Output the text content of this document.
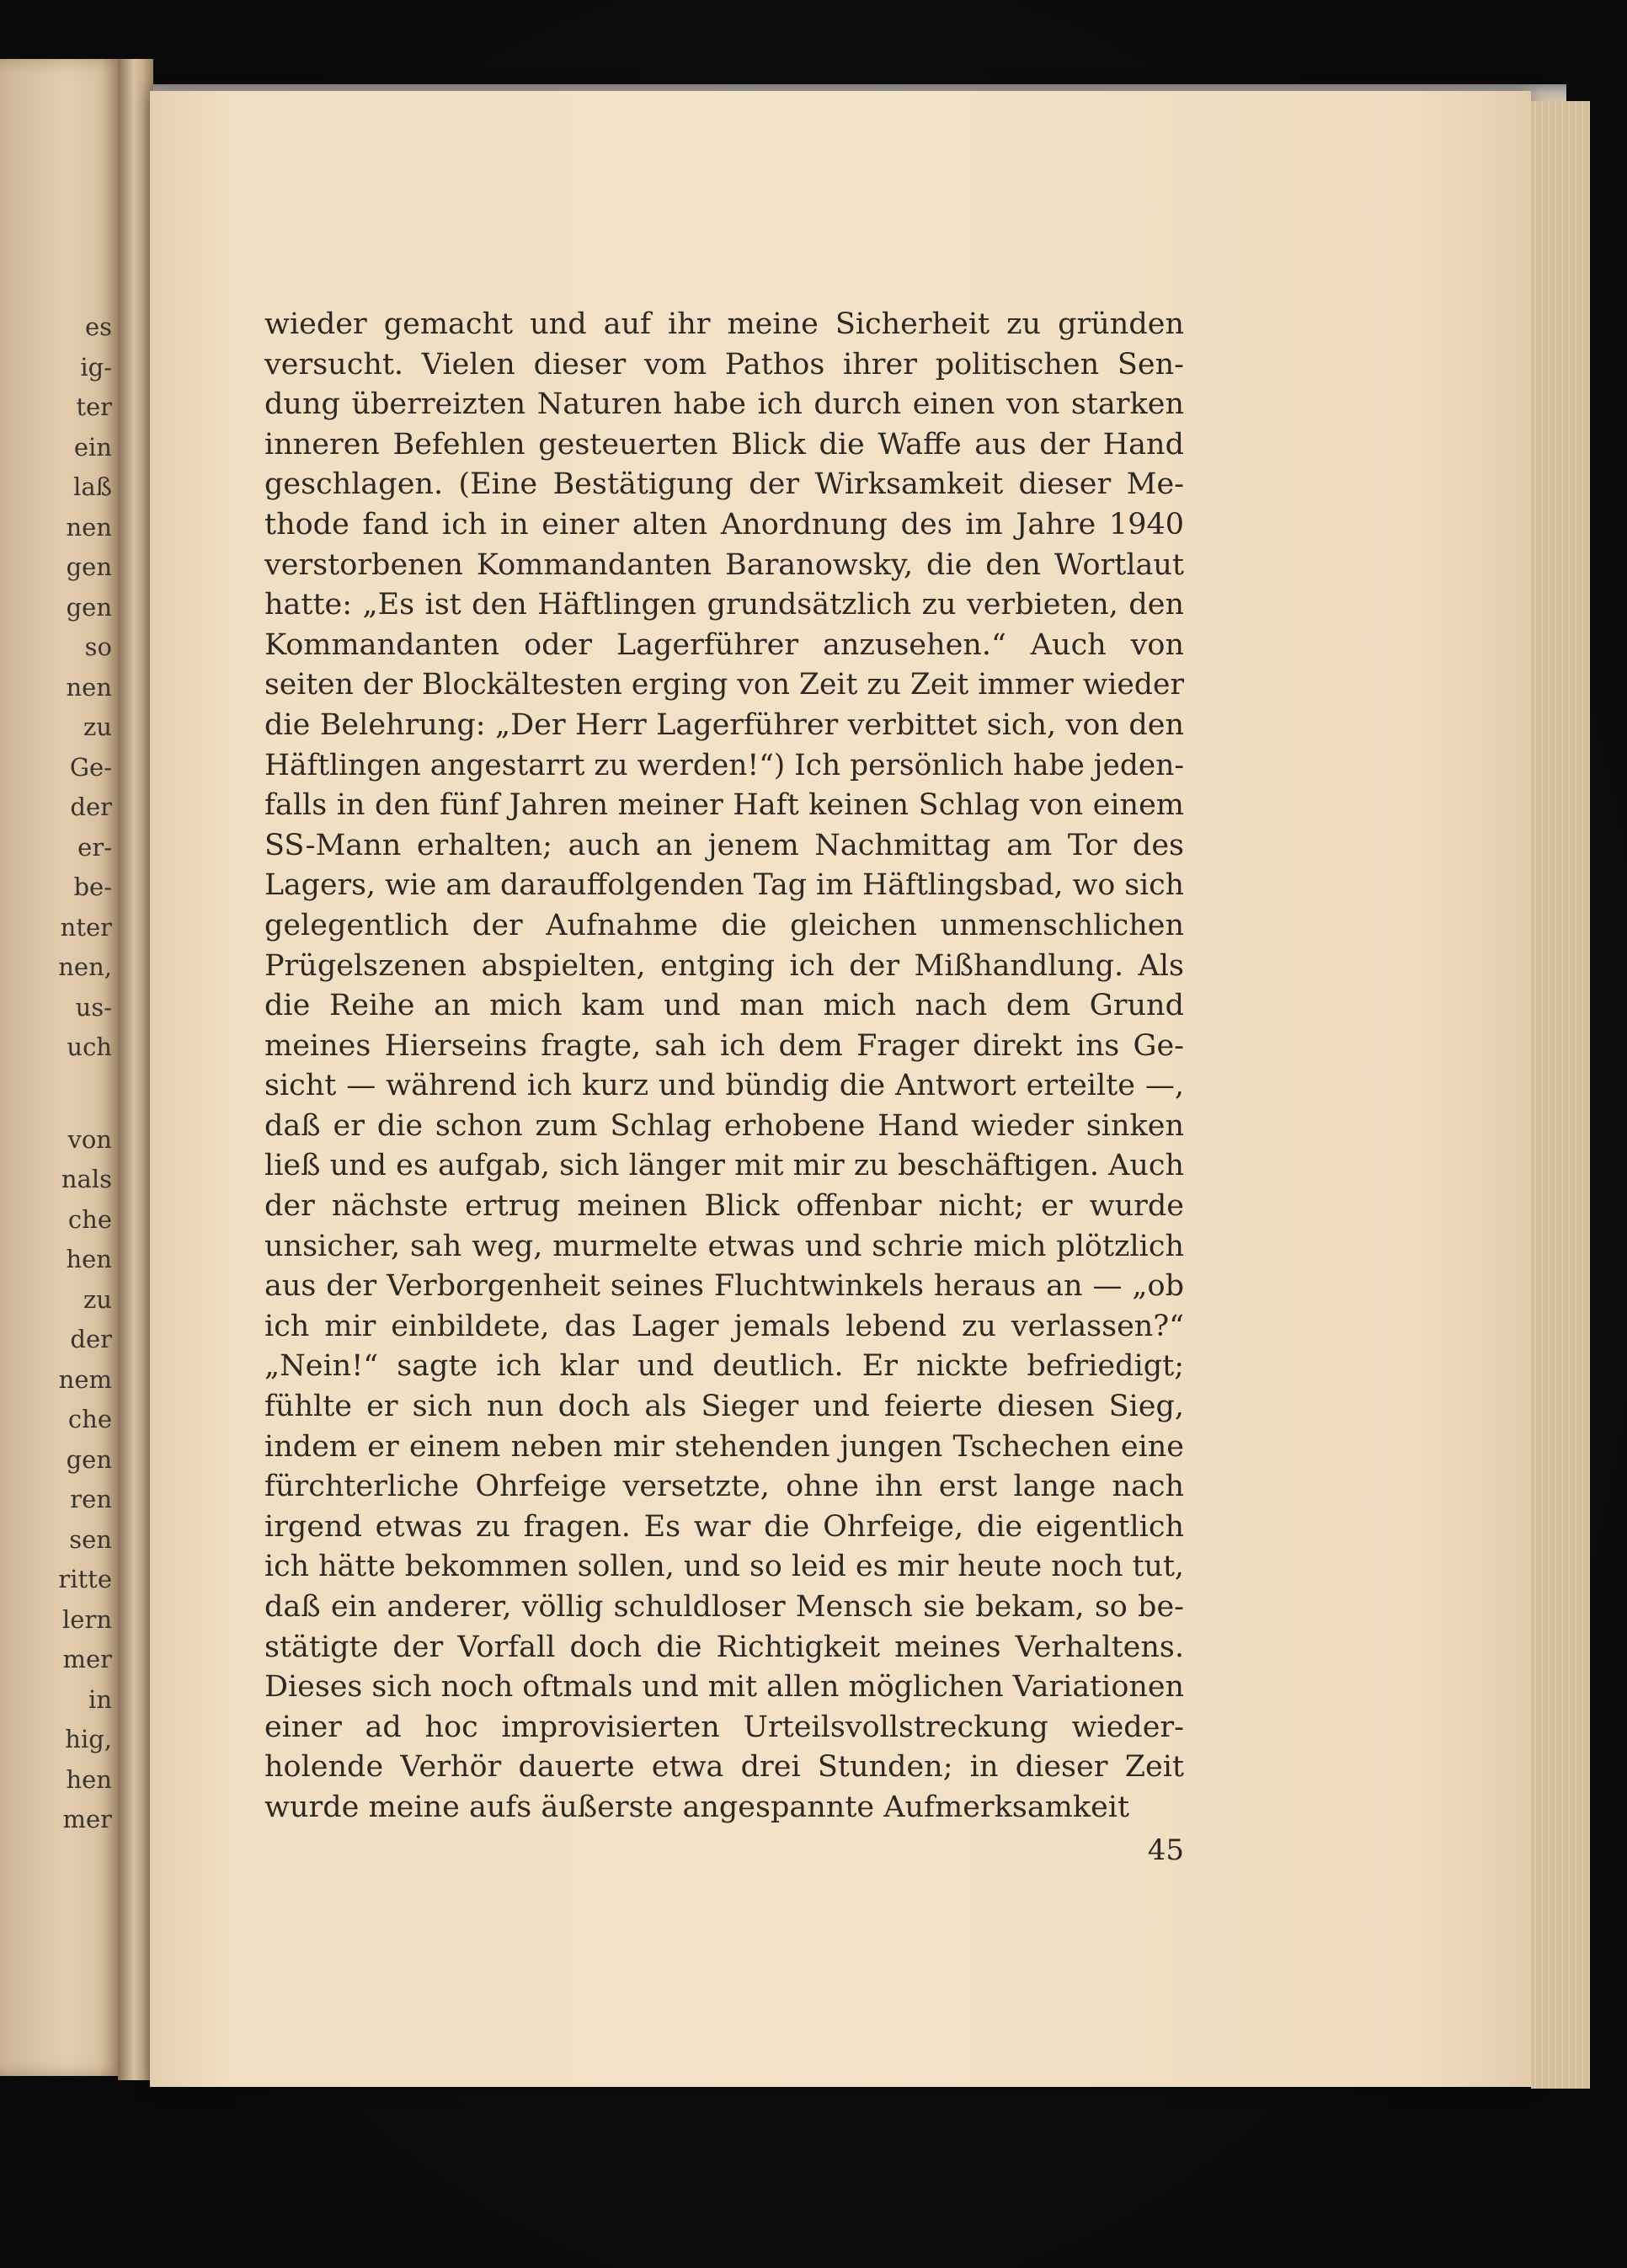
es
ig-
ter
ein
laß
nen
gen
gen
so
nen
zu
Ge-
der
er-
be-
nter
nen,
us-
uch
von
nals
che
hen
zu
der
nem
che
gen
ren
sen
ritte
lern
mer
in
hig,
hen
mer
wieder gemacht und auf ihr meine Sicherheit zu gründen
versucht. Vielen dieser vom Pathos ihrer politischen Sen-
dung überreizten Naturen habe ich durch einen von starken
inneren Befehlen gesteuerten Blick die Waffe aus der Hand
geschlagen. (Eine Bestätigung der Wirksamkeit dieser Me-
thode fand ich in einer alten Anordnung des im Jahre 1940
verstorbenen Kommandanten Baranowsky, die den Wortlaut
hatte: „Es ist den Häftlingen grundsätzlich zu verbieten, den
Kommandanten oder Lagerführer anzusehen.“ Auch von
seiten der Blockältesten erging von Zeit zu Zeit immer wieder
die Belehrung: „Der Herr Lagerführer verbittet sich, von den
Häftlingen angestarrt zu werden!“) Ich persönlich habe jeden-
falls in den fünf Jahren meiner Haft keinen Schlag von einem
SS-Mann erhalten; auch an jenem Nachmittag am Tor des
Lagers, wie am darauffolgenden Tag im Häftlingsbad, wo sich
gelegentlich der Aufnahme die gleichen unmenschlichen
Prügelszenen abspielten, entging ich der Mißhandlung. Als
die Reihe an mich kam und man mich nach dem Grund
meines Hierseins fragte, sah ich dem Frager direkt ins Ge-
sicht — während ich kurz und bündig die Antwort erteilte —,
daß er die schon zum Schlag erhobene Hand wieder sinken
ließ und es aufgab, sich länger mit mir zu beschäftigen. Auch
der nächste ertrug meinen Blick offenbar nicht; er wurde
unsicher, sah weg, murmelte etwas und schrie mich plötzlich
aus der Verborgenheit seines Fluchtwinkels heraus an — „ob
ich mir einbildete, das Lager jemals lebend zu verlassen?“
„Nein!“ sagte ich klar und deutlich. Er nickte befriedigt;
fühlte er sich nun doch als Sieger und feierte diesen Sieg,
indem er einem neben mir stehenden jungen Tschechen eine
fürchterliche Ohrfeige versetzte, ohne ihn erst lange nach
irgend etwas zu fragen. Es war die Ohrfeige, die eigentlich
ich hätte bekommen sollen, und so leid es mir heute noch tut,
daß ein anderer, völlig schuldloser Mensch sie bekam, so be-
stätigte der Vorfall doch die Richtigkeit meines Verhaltens.
Dieses sich noch oftmals und mit allen möglichen Variationen
einer ad hoc improvisierten Urteilsvollstreckung wieder-
holende Verhör dauerte etwa drei Stunden; in dieser Zeit
wurde meine aufs äußerste angespannte Aufmerksamkeit
45
